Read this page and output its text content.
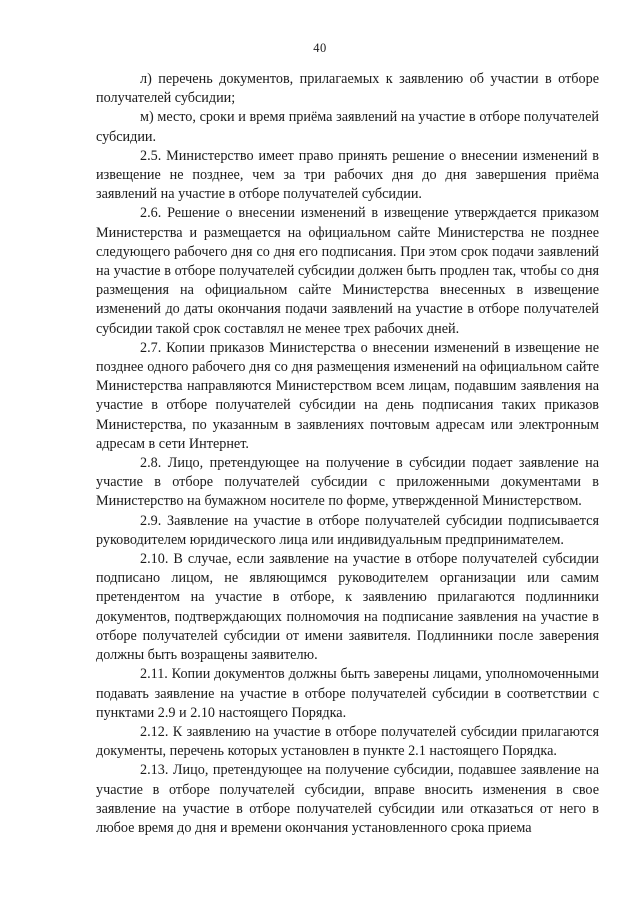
40

л) перечень документов, прилагаемых к заявлению об участии в отборе получателей субсидии;

м) место, сроки и время приёма заявлений на участие в отборе получателей субсидии.

2.5. Министерство имеет право принять решение о внесении изменений в извещение не позднее, чем за три рабочих дня до дня завершения приёма заявлений на участие в отборе получателей субсидии.

2.6. Решение о внесении изменений в извещение утверждается приказом Министерства и размещается на официальном сайте Министерства не позднее следующего рабочего дня со дня его подписания. При этом срок подачи заявлений на участие в отборе получателей субсидии должен быть продлен так, чтобы со дня размещения на официальном сайте Министерства внесенных в извещение изменений до даты окончания подачи заявлений на участие в отборе получателей субсидии такой срок составлял не менее трех рабочих дней.

2.7. Копии приказов Министерства о внесении изменений в извещение не позднее одного рабочего дня со дня размещения изменений на официальном сайте Министерства направляются Министерством всем лицам, подавшим заявления на участие в отборе получателей субсидии на день подписания таких приказов Министерства, по указанным в заявлениях почтовым адресам или электронным адресам в сети Интернет.

2.8. Лицо, претендующее на получение в субсидии подает заявление на участие в отборе получателей субсидии с приложенными документами в Министерство на бумажном носителе по форме, утвержденной Министерством.

2.9. Заявление на участие в отборе получателей субсидии подписывается руководителем юридического лица или индивидуальным предпринимателем.

2.10. В случае, если заявление на участие в отборе получателей субсидии подписано лицом, не являющимся руководителем организации или самим претендентом на участие в отборе, к заявлению прилагаются подлинники документов, подтверждающих полномочия на подписание заявления на участие в отборе получателей субсидии от имени заявителя. Подлинники после заверения должны быть возращены заявителю.

2.11. Копии документов должны быть заверены лицами, уполномоченными подавать заявление на участие в отборе получателей субсидии в соответствии с пунктами 2.9 и 2.10 настоящего Порядка.

2.12. К заявлению на участие в отборе получателей субсидии прилагаются документы, перечень которых установлен в пункте 2.1 настоящего Порядка.

2.13. Лицо, претендующее на получение субсидии, подавшее заявление на участие в отборе получателей субсидии, вправе вносить изменения в свое заявление на участие в отборе получателей субсидии или отказаться от него в любое время до дня и времени окончания установленного срока приема
